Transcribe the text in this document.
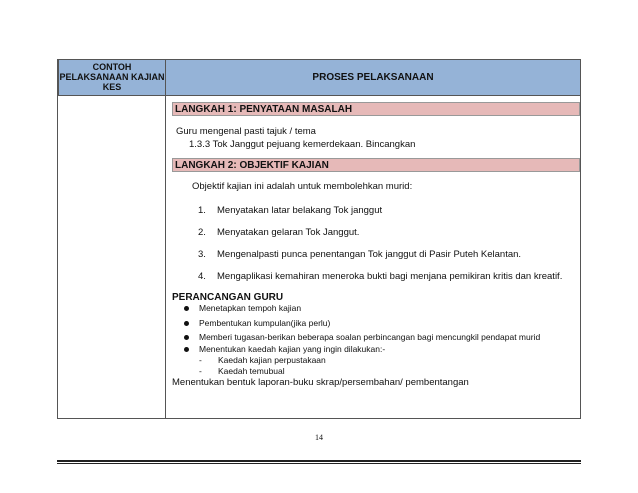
CONTOH
PELAKSANAAN KAJIAN
KES
PROSES PELAKSANAAN
LANGKAH 1: PENYATAAN MASALAH
Guru mengenal pasti tajuk / tema
1.3.3 Tok Janggut pejuang kemerdekaan. Bincangkan
LANGKAH 2: OBJEKTIF KAJIAN
Objektif kajian ini adalah untuk membolehkan murid:
1. Menyatakan latar belakang Tok janggut
2. Menyatakan gelaran Tok Janggut.
3. Mengenalpasti punca penentangan Tok janggut di Pasir Puteh Kelantan.
4. Mengaplikasi kemahiran meneroka bukti bagi menjana pemikiran kritis dan kreatif.
PERANCANGAN GURU
Menetapkan tempoh kajian
Pembentukan kumpulan(jika perlu)
Memberi tugasan-berikan beberapa soalan perbincangan bagi mencungkil pendapat murid
Menentukan kaedah kajian yang ingin dilakukan:-
- Kaedah kajian perpustakaan
- Kaedah temubual
Menentukan bentuk laporan-buku skrap/persembahan/ pembentangan
14
